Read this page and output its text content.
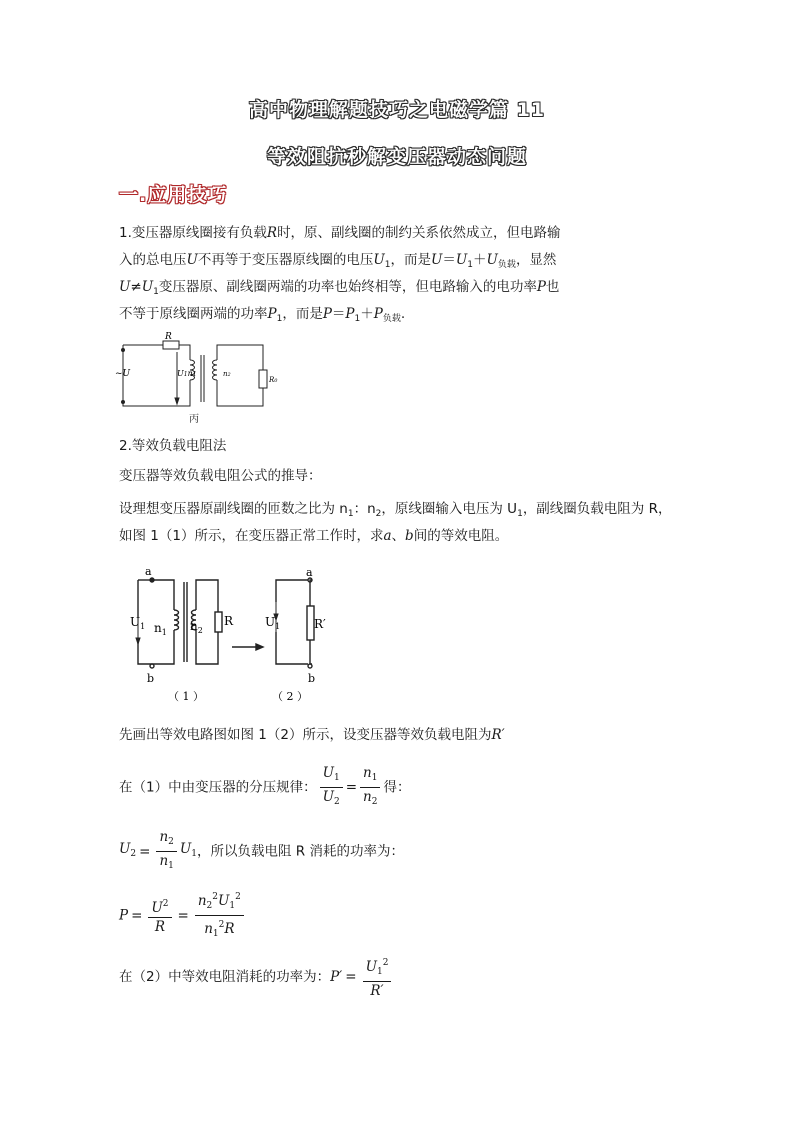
高中物理解题技巧之电磁学篇 11
等效阻抗秒解变压器动态问题
一.应用技巧
1.变压器原线圈接有负载R时，原、副线圈的制约关系依然成立，但电路输
入的总电压U不再等于变压器原线圈的电压$U_1$，而是$U=U_1+U_{负载}$，显然
$U\ne U_1$变压器原、副线圈两端的功率也始终相等，但电路输入的电功率P也
不等于原线圈两端的功率$P_1$，而是$P=P_1+P_{负载}$.
R
~U	U1n1	n2
R0
丙
2.等效负载电阻法
变压器等效负载电阻公式的推导：
设理想变压器原副线圈的匝数之比为 $n_1$：$n_2$，原线圈输入电压为 $U_1$，副线圈负载电阻为 R，
如图 1（1）所示，在变压器正常工作时，求a、b间的等效电阻。
a
b
$U_1$ $n_1$ $n_2$
R
a
b
$U_1$	R′
（ 1 ）	（ 2 ）
先画出等效电路图如图 1（2）所示，设变压器等效负载电阻为R′
在（1）中由变压器的分压规律： $\frac{U_1}{U_2} = \frac{n_1}{n_2}$ 得：
$U_2 = \frac{n_2}{n_1} U_1$，所以负载电阻 R 消耗的功率为：
$P = \frac{U^2}{R} = \frac{n_2^2U_1^2}{n_1^2R}$
在（2）中等效电阻消耗的功率为：$P' = \frac{U_1^2}{R'}$
